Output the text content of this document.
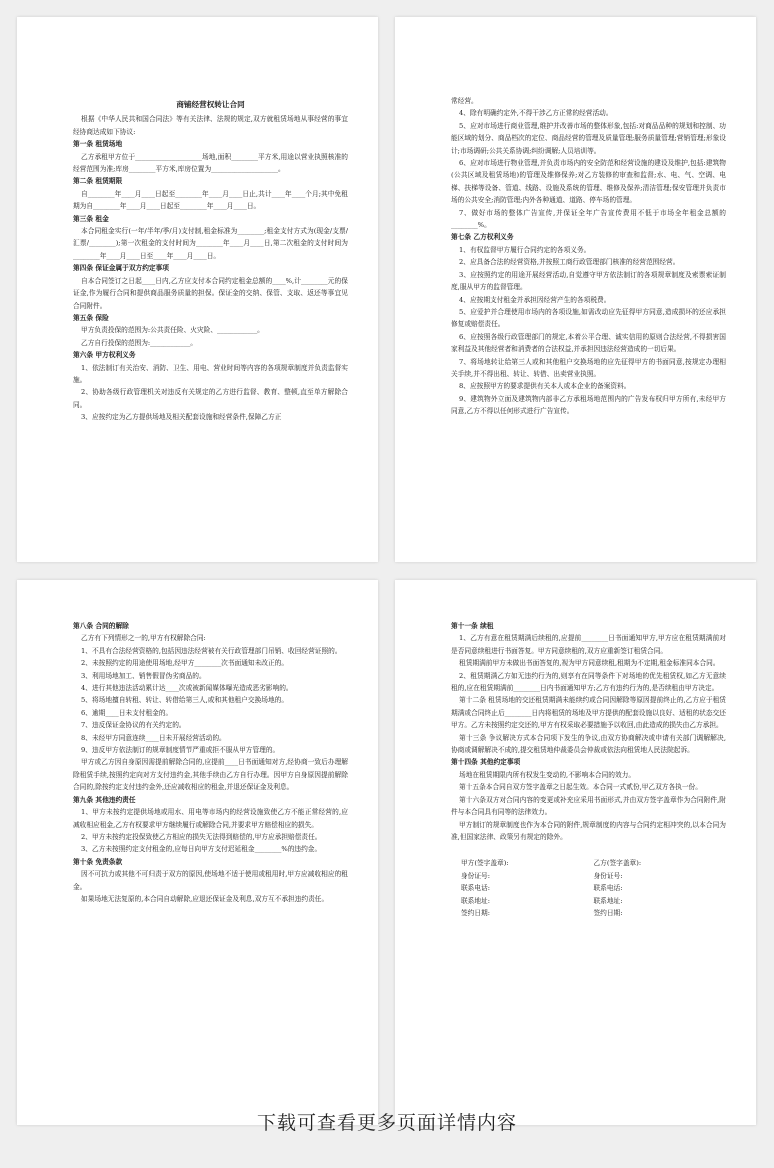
商铺经营权转让合同
根据《中华人民共和国合同法》等有关法律、法规的规定,双方就租赁场地从事经营的事宜经协商达成如下协议:
第一条 租赁场地
乙方承租甲方位于____________________场地,面积________平方米,用途以营业执照核准的经营范围为准;库房________平方米,库房位置为____________________。
第二条 租赁期限
自________年____月____日起至________年____月____日止,共计____年____个月;其中免租期为自________年____月____日起至________年____月____日。
第三条 租金
本合同租金实行(一年/半年/季/月)支付制,租金标准为________;租金支付方式为(现金/支票/汇票/________);第一次租金的支付时间为________年____月____日,第二次租金的支付时间为________年____月____日至____年____月____日。
第四条 保证金属于双方约定事项
自本合同签订之日起____日内,乙方应支付本合同约定租金总额的____%,计________元的保证金,作为履行合同和提供商品服务质量的担保。保证金的交纳、保管、支取、返还等事宜见合同附件。
第五条 保险
甲方负责投保的范围为:公共责任险、火灾险、____________。
乙方自行投保的范围为:____________。
第六条 甲方权利义务
1、依法制订有关治安、消防、卫生、用电、营业时间等内容的各项规章制度并负责监督实施。
2、协助各级行政管理机关对违反有关规定的乙方进行监督、教育、整顿,直至单方解除合同。
3、应按约定为乙方提供场地及相关配套设施和经营条件,保障乙方正
常经营。
4、除有明确约定外,不得干涉乙方正常的经营活动。
5、应对市场进行商业管理,维护并改善市场的整体形象,包括:对商品品种的规划和控制、功能区域的划分、商品档次的定位、商品经营的管理及质量管理;服务质量管理;营销管理;形象设计;市场调研;公共关系协调;纠纷调解;人员培训等。
6、应对市场进行物业管理,并负责市场内的安全防范和经营设施的建设及维护,包括:建筑物(公共区域及租赁场地)的管理及维修保养;对乙方装修的审查和监督;水、电、气、空调、电梯、扶梯等设备、管道、线路、设施及系统的管理、维修及保养;清洁管理;保安管理并负责市场的公共安全;消防管理;内外各种通道、道路、停车场的管理。
7、做好市场的整体广告宣传,并保证全年广告宣传费用不低于市场全年租金总额的________%。
第七条 乙方权利义务
1、有权监督甲方履行合同约定的各项义务。
2、应具备合法的经营资格,并按照工商行政管理部门核准的经营范围经营。
3、应按照约定的用途开展经营活动,自觉遵守甲方依法制订的各项规章制度及索票索证制度,服从甲方的监督管理。
4、应按期支付租金并承担因经营产生的各项税费。
5、应爱护并合理使用市场内的各项设施,如需改动应先征得甲方同意,造成损坏的还应承担修复或赔偿责任。
6、应按照各级行政管理部门的规定,本着公平合理、诚实信用的原则合法经营,不得损害国家利益及其他经营者和消费者的合法权益,并承担因违法经营造成的一切后果。
7、将场地转让给第三人或和其他租户交换场地的应先征得甲方的书面同意,按规定办理相关手续,并不得出租、转让、转借、出卖营业执照。
8、应按照甲方的要求提供有关本人或本企业的备案资料。
9、建筑物外立面及建筑物内部非乙方承租场地范围内的广告发布权归甲方所有,未经甲方同意,乙方不得以任何形式进行广告宣传。
第八条 合同的解除
乙方有下列情形之一的,甲方有权解除合同:
1、不具有合法经营资格的,包括因违法经营被有关行政管理部门吊销、收回经营证照的。
2、未按照约定的用途使用场地,经甲方________次书面通知未改正的。
3、利用场地加工、销售假冒伪劣商品的。
4、进行其他违法活动累计达____次或被新闻媒体曝光造成恶劣影响的。
5、将场地擅自转租、转让、转借给第三人,或和其他租户交换场地的。
6、逾期____日未支付租金的。
7、违反保证金协议的有关约定的。
8、未经甲方同意连续____日未开展经营活动的。
9、违反甲方依法制订的规章制度情节严重或拒不服从甲方管理的。
甲方或乙方因自身原因需提前解除合同的,应提前____日书面通知对方,经协商一致后办理解除租赁手续,按照约定向对方支付违约金,其他手续由乙方自行办理。因甲方自身原因提前解除合同的,除按约定支付违约金外,还应减收相应的租金,并退还保证金及利息。
第九条 其他违约责任
1、甲方未按约定提供场地或用水、用电等市场内的经营设施致使乙方不能正常经营的,应减收相应租金,乙方有权要求甲方继续履行或解除合同,并要求甲方赔偿相应的损失。
2、甲方未按约定投保致使乙方相应的损失无法得到赔偿的,甲方应承担赔偿责任。
3、乙方未按照约定支付租金的,应每日向甲方支付迟延租金________%的违约金。
第十条 免责条款
因不可抗力或其他不可归责于双方的原因,使场地不适于使用或租用时,甲方应减收相应的租金。
如果场地无法复原的,本合同自动解除,应退还保证金及利息,双方互不承担违约责任。
第十一条 续租
1、乙方有意在租赁期满后续租的,应提前________日书面通知甲方,甲方应在租赁期满前对是否同意续租进行书面答复。甲方同意续租的,双方应重新签订租赁合同。
租赁期满前甲方未做出书面答复的,视为甲方同意续租,租期为不定期,租金标准同本合同。
2、租赁期满乙方如无违约行为的,则享有在同等条件下对场地的优先租赁权,如乙方无意续租的,应在租赁期满前________日内书面通知甲方;乙方有违约行为的,是否续租由甲方决定。
第十二条 租赁场地的交还租赁期满未能续约或合同因解除等原因提前终止的,乙方应于租赁期满或合同终止后________日内将租赁的场地及甲方提供的配套设施以良好、适租的状态交还甲方。乙方未按照约定交还的,甲方有权采取必要措施予以收回,由此造成的损失由乙方承担。
第十三条 争议解决方式本合同项下发生的争议,由双方协商解决或申请有关部门调解解决,协商或调解解决不成的,提交租赁地仲裁委员会仲裁或依法向租赁地人民法院起诉。
第十四条 其他约定事项
场地在租赁期限内所有权发生变动的,不影响本合同的效力。
第十五条本合同自双方签字盖章之日起生效。本合同一式贰份,甲乙双方各执一份。
第十六条双方对合同内容的变更或补充应采用书面形式,并由双方签字盖章作为合同附件,附件与本合同具有同等的法律效力。
甲方制订的规章制度也作为本合同的附件,规章制度的内容与合同约定相冲突的,以本合同为准,但国家法律、政策另有规定的除外。
甲方(签字盖章):	乙方(签字盖章):
身份证号:	身份证号:
联系电话:	联系电话:
联系地址:	联系地址:
签约日期:	签约日期:
下载可查看更多页面详情内容
